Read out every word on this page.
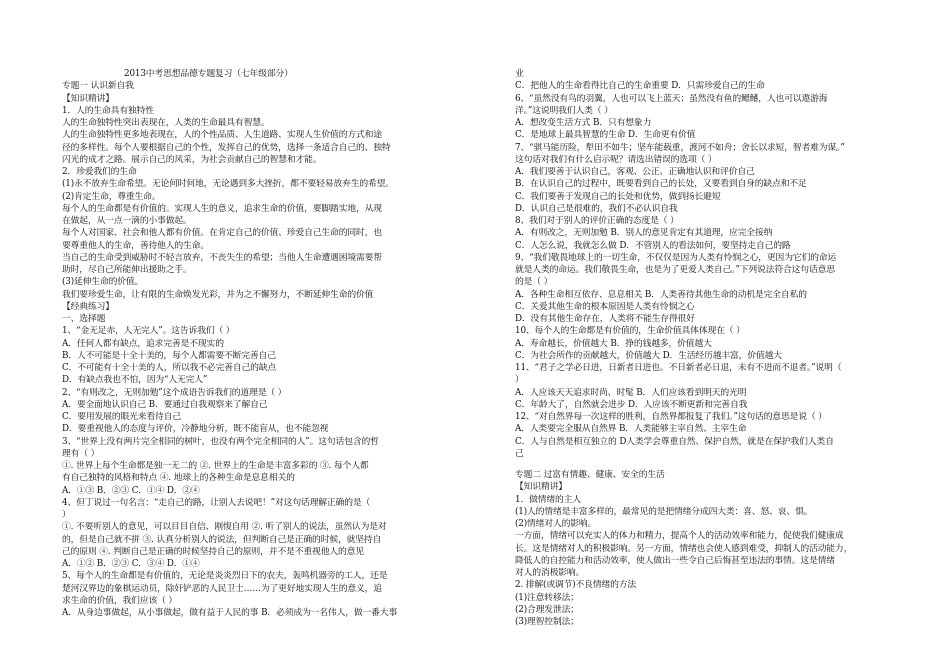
2013中考思想品德专题复习（七年级部分）
专题一 认识新自我
【知识精讲】
1．人的生命具有独特性
人的生命独特性突出表现在，人类的生命最具有智慧。
人的生命独特性更多地表现在，人的个性品质、人生道路、实现人生价值的方式和途
径的多样性。每个人要根据自己的个性，发挥自己的优势，选择一条适合自己的、独特
闪光的成才之路。展示自己的风采，为社会贡献自己的智慧和才能。
2．珍爱我们的生命
(1)永不放弃生命希望。无论何时何地，无论遇到多大挫折，都不要轻易放弃生的希望。
(2)肯定生命，尊重生命。
每个人的生命都是有价值的。实现人生的意义，追求生命的价值，要脚踏实地，从现
在做起，从一点一滴的小事做起。
每个人对国家、社会和他人都有价值。在肯定自己的价值、珍爱自己生命的同时，也
要尊重他人的生命，善待他人的生命。
当自己的生命受到威胁时不轻言放弃，不丧失生的希望；当他人生命遭遇困境需要帮
助时，尽自己所能伸出援助之手。
(3)延伸生命的价值。
我们要珍爱生命，让有限的生命焕发光彩，并为之不懈努力，不断延伸生命的价值
【经典练习】
一、选择题
1、“金无足赤，人无完人”。这告诉我们（ ）
A．任何人都有缺点，追求完善是不现实的
B．人不可能是十全十美的，每个人都需要不断完善自己
C．不可能有十全十美的人，所以我不必完善自己的缺点
D．有缺点我也不怕，因为“人无完人”
2、“有则改之，无则加勉”这个成语告诉我们的道理是（ ）
A．要全面地认识自己 B．要通过自我观察来了解自己
C．要用发展的眼光来看待自己
D．要重视他人的态度与评价，冷静地分析，既不能盲从，也不能忽视
3、“世界上没有两片完全相同的树叶，也没有两个完全相同的人”。这句话包含的哲
理有（ ）
①. 世界上每个生命都是独一无二的 ②. 世界上的生命是丰富多彩的 ③. 每个人都
有自己独特的风格和特点 ④. 地球上的各种生命是息息相关的
A．①③ B．②③ C．①④ D．②④
4、但丁说过一句名言：“走自己的路，让别人去说吧！”对这句话理解正确的是（
）
①. 不要听别人的意见，可以目目自信、刚愎自用 ②. 听了别人的说法，虽然认为是对
的，但是自己就不拼 ③. 认真分析别人的说法，但判断自己是正确的时候，就坚持自
己的原则 ④. 判断自己是正确的时候坚持自己的原则，并不是不重视他人的意见
A．①② B．②③ C．③④ D．①④
5、每个人的生命都是有价值的，无论是炎炎烈日下的农夫，轰鸣机器旁的工人，还是
楚河汉界边的象棋运动员，除奸铲恶的人民卫士……为了更好地实现人生的意义，追
求生命的价值，我们应该（ ）
A．从身边事做起，从小事做起，做有益于人民的事 B．必须成为一名伟人，做一番大事
业
C．把他人的生命看得比自己的生命重要 D．只需珍爱自己的生命
6、“虽然没有鸟的羽翼，人也可以飞上蓝天；虽然没有鱼的鳃鳍，人也可以遨游海
洋。”这说明我们人类（ ）
A．想改变生活方式 B．只有想象力
C．是地球上最具智慧的生命 D．生命更有价值
7、“骐马能历险，犁田不如牛；坚车能载重，渡河不如舟；舍长以求短，智者难为谋。”
这句话对我们有什么启示呢？请选出错误的选项（ ）
A．我们要善于认识自己，客观、公正、正确地认识和评价自己
B．在认识自己的过程中，既要看到自己的长处，又要看到自身的缺点和不足
C．我们要善于发现自己的长处和优势，做到扬长避短
D．认识自己是很难的，我们不必认识自我
8、我们对于别人的评价正确的态度是（ ）
A．有则改之，无则加勉 B．别人的意见肯定有其道理，应完全接纳
C．人怎么说，我就怎么做 D．不管别人的看法如何，要坚持走自己的路
9、“我们敬畏地球上的一切生命，不仅仅是因为人类有怜悯之心，更因为它们的命运
就是人类的命运。我们敬畏生命，也是为了更爱人类自己。”下列说法符合这句话意思
的是（ ）
A．各种生命相互依存、息息相关 B．人类善待其他生命的动机是完全自私的
C．关爱其他生命的根本原因是人类有怜悯之心
D．没有其他生命存在，人类将不能生存得很好
10、每个人的生命都是有价值的，生命价值具体体现在（ ）
A．寿命越长，价值越大 B．挣的钱越多，价值越大
C．为社会所作的贡献越大，价值越大 D．生活经历越丰富，价值越大
11、“君子之学必日进，日新者日进也。不日新者必日退，未有不进而不退者。”说明（
）
A．人应该天天追求时尚、时髦 B．人们应该看到明天的光明
C．年龄大了，自然就会进步 D．人应该不断更新和完善自我
12、“对自然界每一次这样的胜利，自然界都报复了我们。”这句话的意思是说（ ）
A．人类要完全服从自然界 B．人类能够主宰自然、主宰生命
C．人与自然是相互独立的 D人类学会尊重自然、保护自然，就是在保护我们人类自
己
专题二 过富有情趣、健康、安全的生活
【知识精讲】
1．做情绪的主人
(1)人的情绪是丰富多样的，最常见的是把情绪分成四大类：喜、怒、哀、惧。
(2)情绪对人的影响。
一方面，情绪可以充实人的体力和精力，提高个人的活动效率和能力，促使我们健康成
长。这是情绪对人的积极影响。另一方面，情绪也会使人感到难受，抑制人的活动能力，
降低人的自控能力和活动效率，使人做出一些令自己后悔甚至违法的事情。这是情绪
对人的消极影响。
2. 排解(或调节)不良情绪的方法
(1)注意转移法；
(2)合理发泄法；
(3)理智控制法；
